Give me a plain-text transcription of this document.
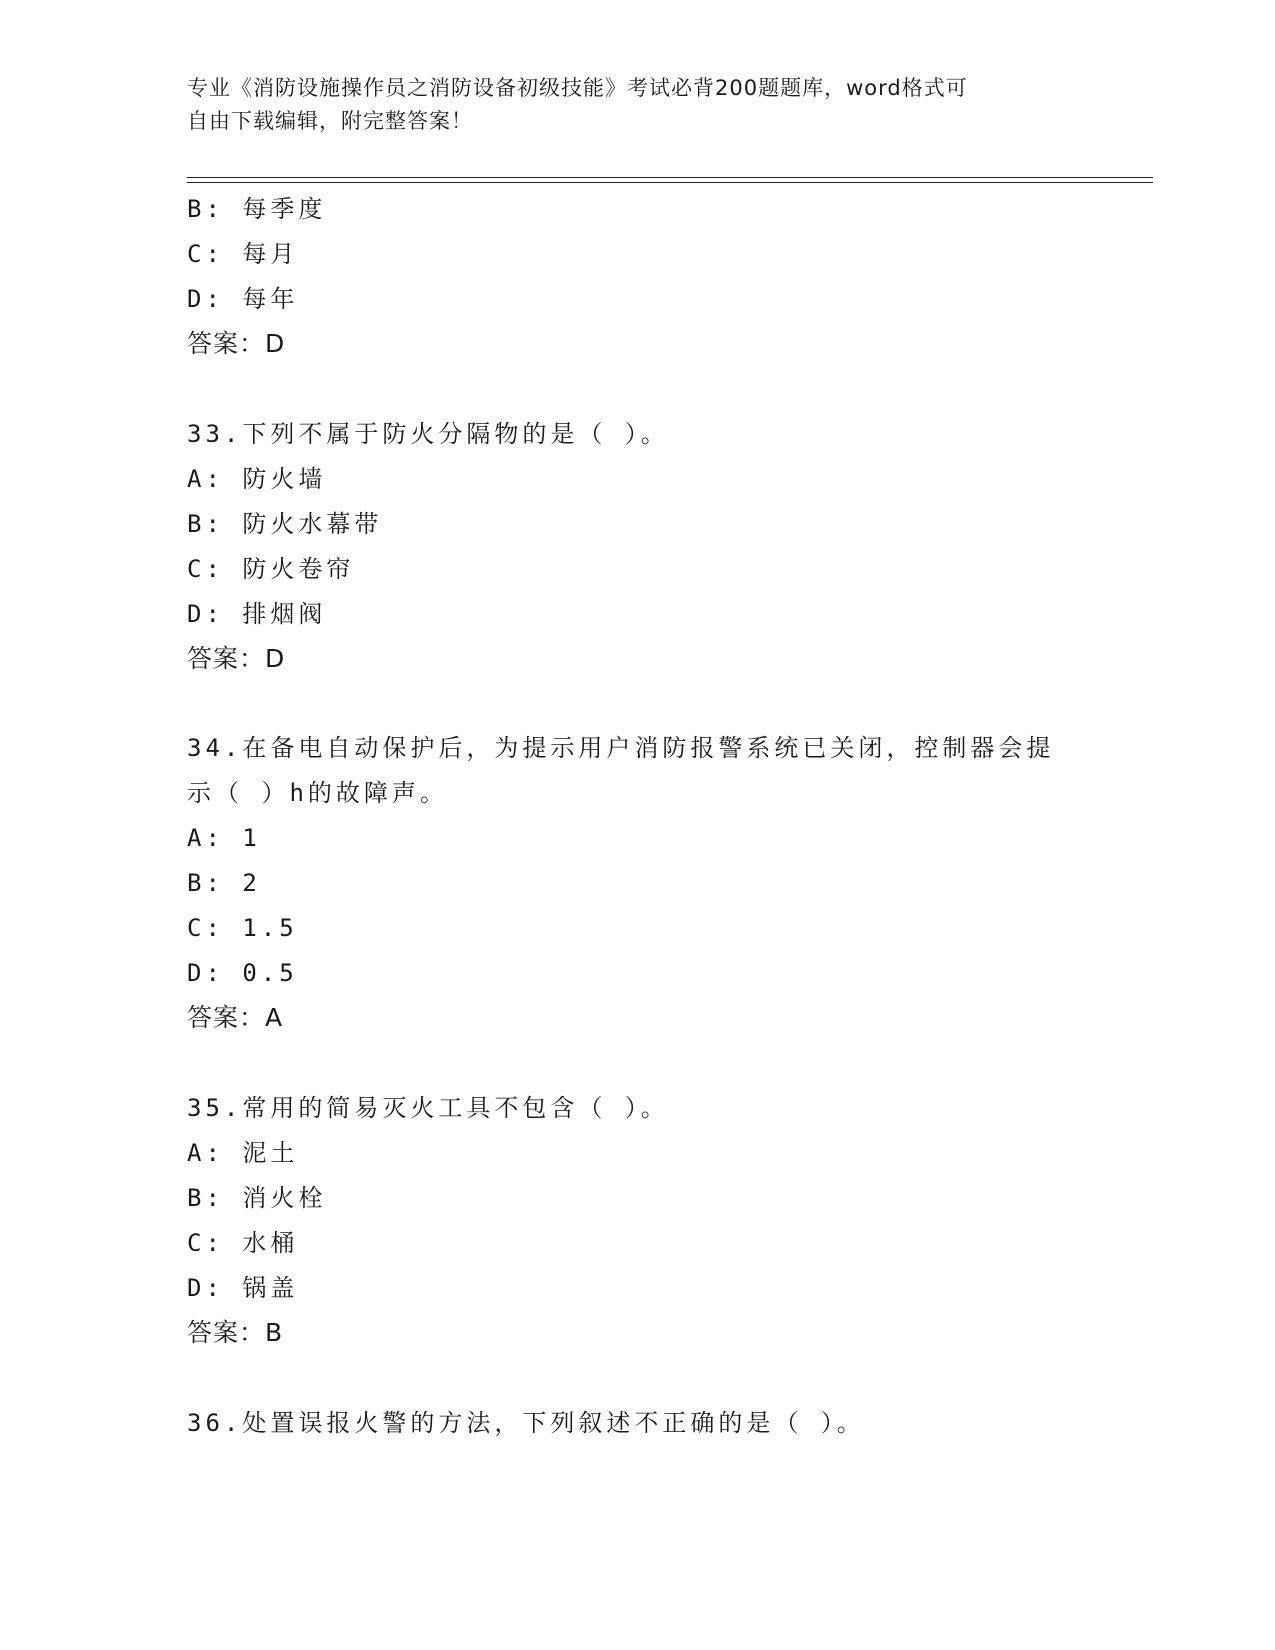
专业《消防设施操作员之消防设备初级技能》考试必背200题题库，word格式可
自由下载编辑，附完整答案！
B: 每季度
C: 每月
D: 每年
答案：D
33.下列不属于防火分隔物的是（ ）。
A: 防火墙
B: 防火水幕带
C: 防火卷帘
D: 排烟阀
答案：D
34.在备电自动保护后，为提示用户消防报警系统已关闭，控制器会提
示（ ）h的故障声。
A: 1
B: 2
C: 1.5
D: 0.5
答案：A
35.常用的简易灭火工具不包含（ ）。
A: 泥土
B: 消火栓
C: 水桶
D: 锅盖
答案：B
36.处置误报火警的方法，下列叙述不正确的是（ ）。
